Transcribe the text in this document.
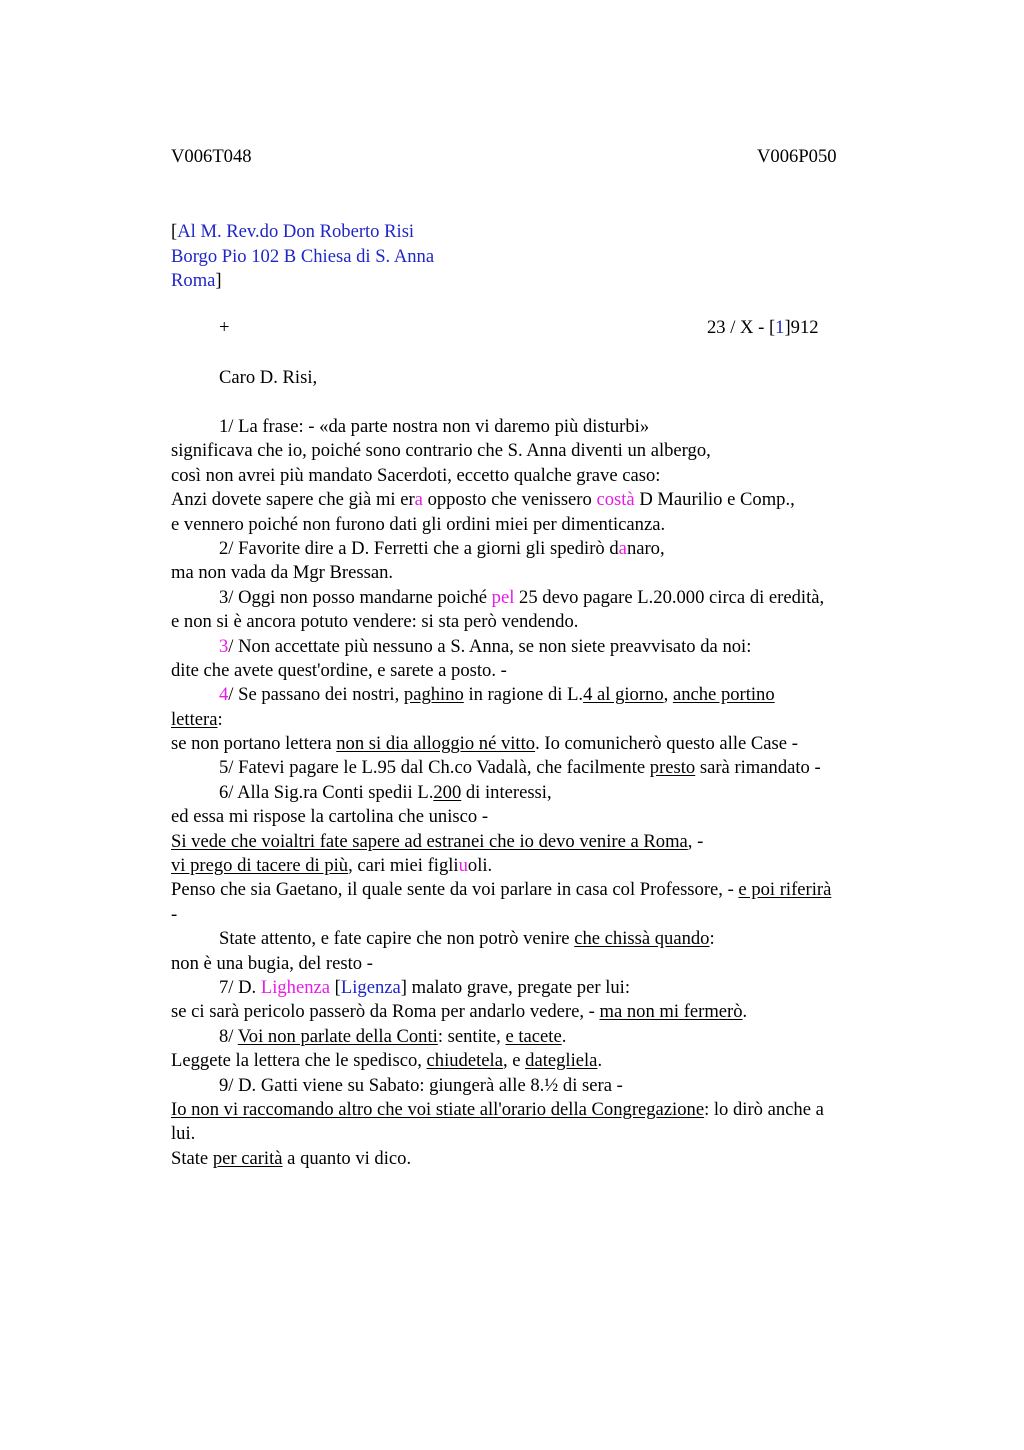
V006T048	V006P050
[Al M. Rev.do Don Roberto Risi
Borgo Pio 102 B Chiesa di S. Anna
Roma]
+	23 / X - [1]912
Caro D. Risi,
1/ La frase: - «da parte nostra non vi daremo più disturbi»
significava che io, poiché sono contrario che S. Anna diventi un albergo,
così non avrei più mandato Sacerdoti, eccetto qualche grave caso:
Anzi dovete sapere che già mi era opposto che venissero costà D Maurilio e Comp.,
e vennero poiché non furono dati gli ordini miei per dimenticanza.
2/ Favorite dire a D. Ferretti che a giorni gli spedirò danaro,
ma non vada da Mgr Bressan.
3/ Oggi non posso mandarne poiché pel 25 devo pagare L.20.000 circa di eredità,
e non si è ancora potuto vendere: si sta però vendendo.
3/ Non accettate più nessuno a S. Anna, se non siete preavvisato da noi:
dite che avete quest'ordine, e sarete a posto. -
4/ Se passano dei nostri, paghino in ragione di L.4 al giorno, anche portino
lettera:
se non portano lettera non si dia alloggio né vitto. Io comunicherò questo alle Case -
5/ Fatevi pagare le L.95 dal Ch.co Vadalà, che facilmente presto sarà rimandato -
6/ Alla Sig.ra Conti spedii L.200 di interessi,
ed essa mi rispose la cartolina che unisco -
Si vede che voialtri fate sapere ad estranei che io devo venire a Roma, -
vi prego di tacere di più, cari miei figliuoli.
Penso che sia Gaetano, il quale sente da voi parlare in casa col Professore, - e poi riferirà
-
State attento, e fate capire che non potrò venire che chissà quando:
non è una bugia, del resto -
7/ D. Lighenza [Ligenza] malato grave, pregate per lui:
se ci sarà pericolo passerò da Roma per andarlo vedere, - ma non mi fermerò.
8/ Voi non parlate della Conti: sentite, e tacete.
Leggete la lettera che le spedisco, chiudetela, e dategliela.
9/ D. Gatti viene su Sabato: giungerà alle 8.½ di sera -
Io non vi raccomando altro che voi stiate all'orario della Congregazione: lo dirò anche a
lui.
State per carità a quanto vi dico.
